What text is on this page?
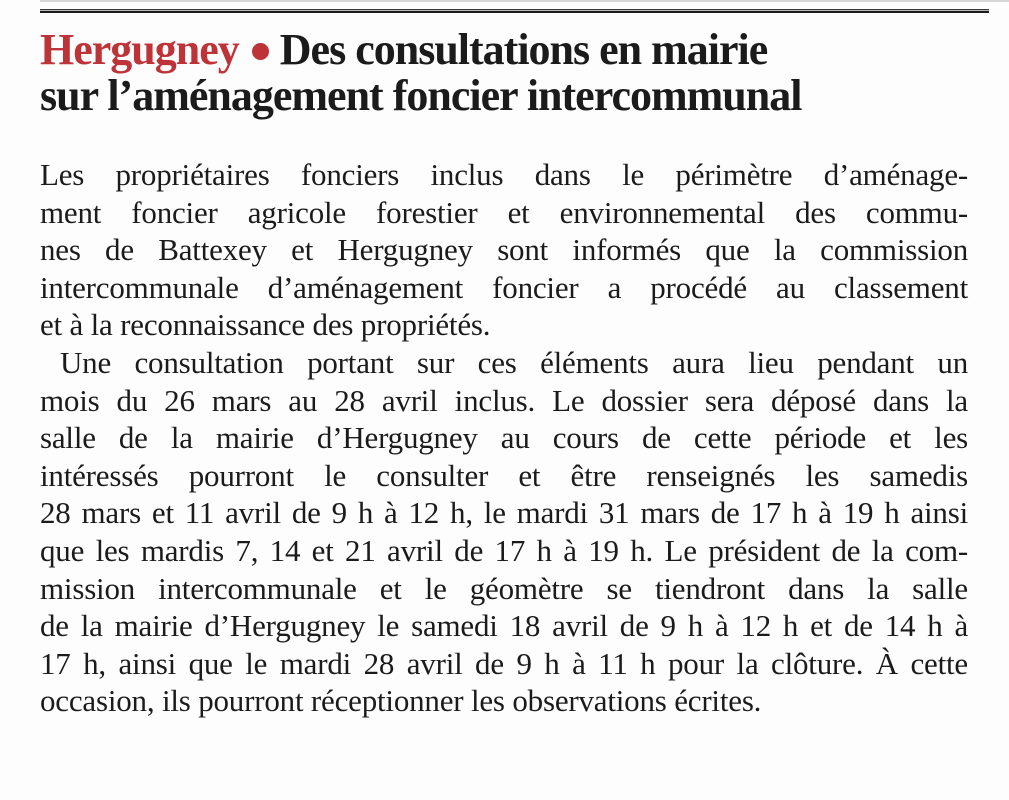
Hergugney Des consultations en mairie
sur l’aménagement foncier intercommunal
Les propriétaires fonciers inclus dans le périmètre d’aménage-
ment foncier agricole forestier et environnemental des commu-
nes de Battexey et Hergugney sont informés que la commission
intercommunale d’aménagement foncier a procédé au classement
et à la reconnaissance des propriétés.
Une consultation portant sur ces éléments aura lieu pendant un
mois du 26 mars au 28 avril inclus. Le dossier sera déposé dans la
salle de la mairie d’Hergugney au cours de cette période et les
intéressés pourront le consulter et être renseignés les samedis
28 mars et 11 avril de 9 h à 12 h, le mardi 31 mars de 17 h à 19 h ainsi
que les mardis 7, 14 et 21 avril de 17 h à 19 h. Le président de la com-
mission intercommunale et le géomètre se tiendront dans la salle
de la mairie d’Hergugney le samedi 18 avril de 9 h à 12 h et de 14 h à
17 h, ainsi que le mardi 28 avril de 9 h à 11 h pour la clôture. À cette
occasion, ils pourront réceptionner les observations écrites.
